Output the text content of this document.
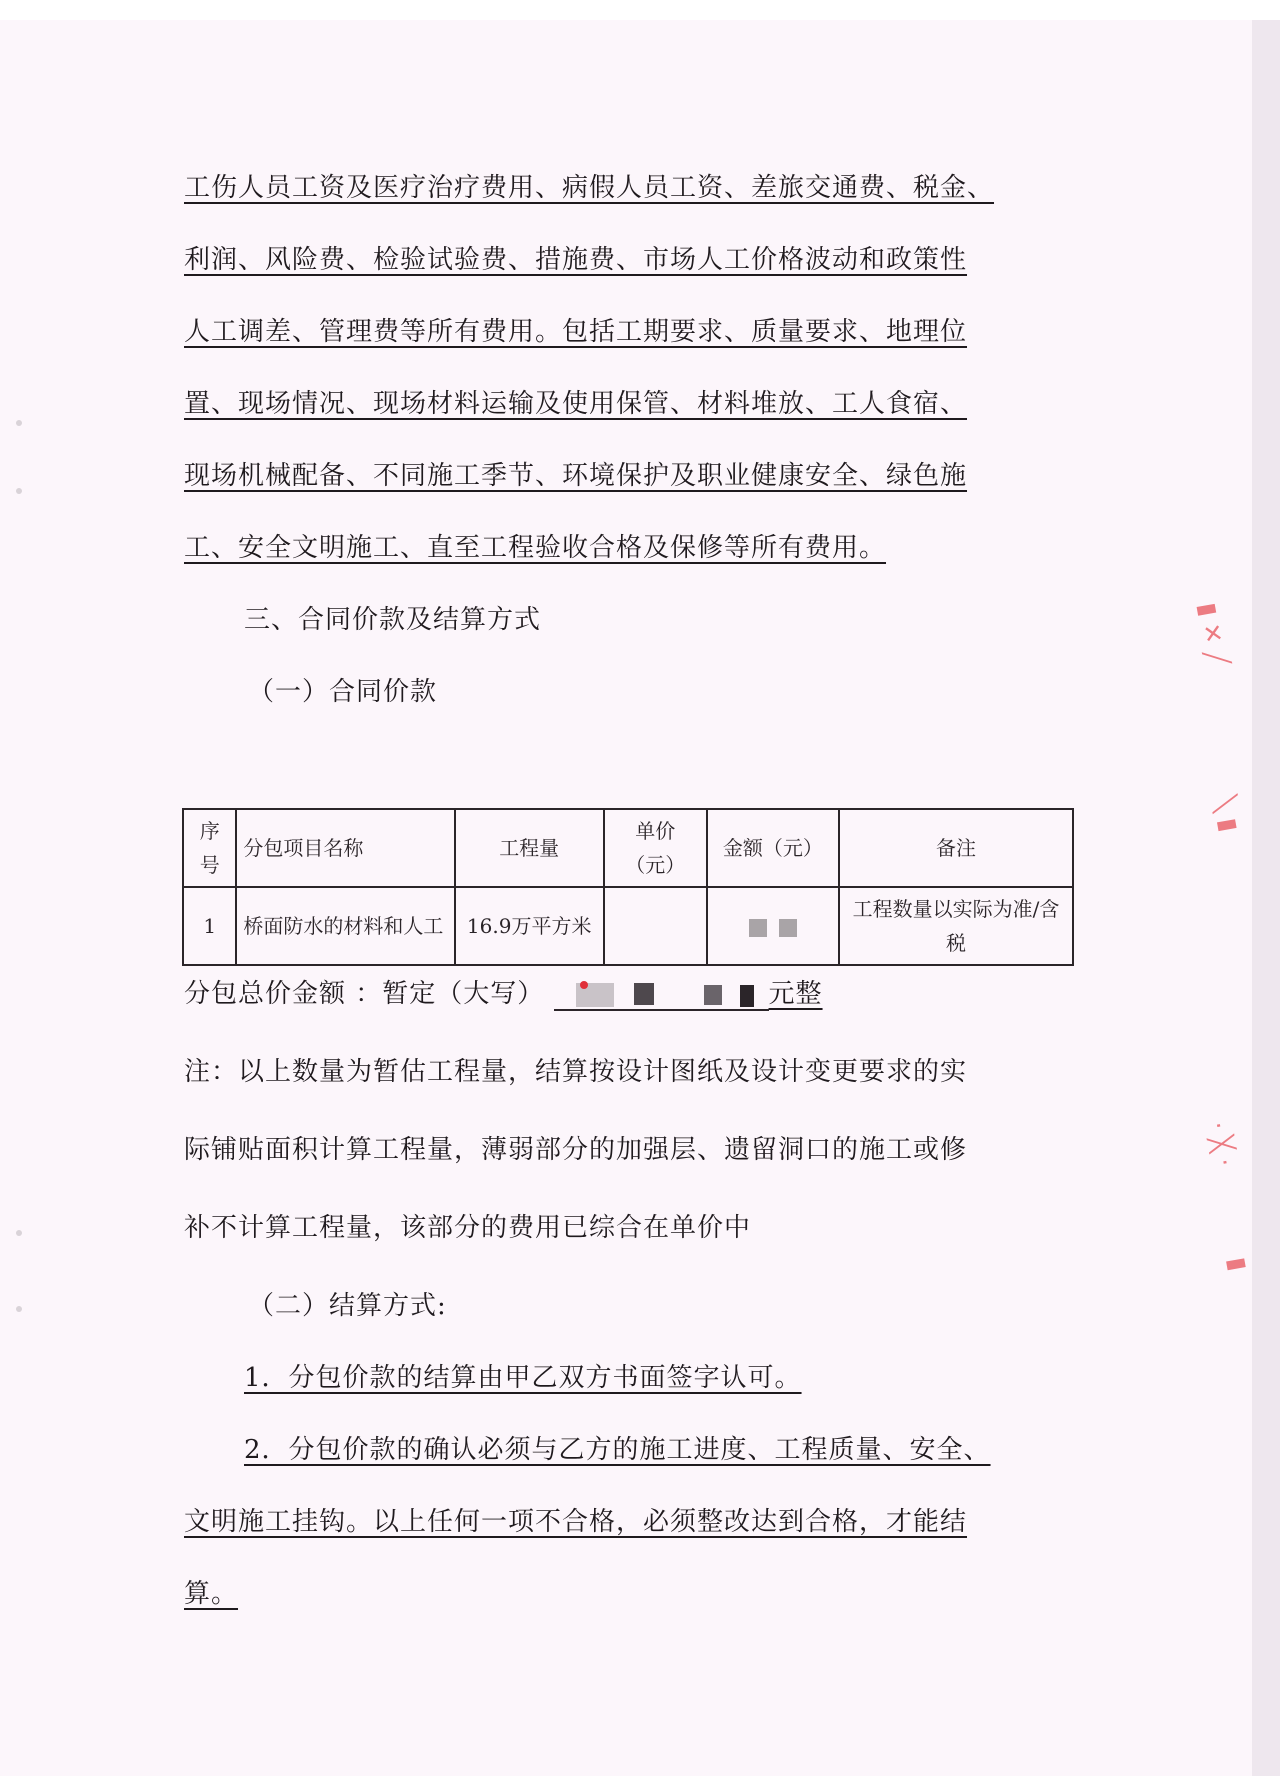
▮ ✕ ╱
╲ ▮
· ╳ ·
▮
工伤人员工资及医疗治疗费用、病假人员工资、差旅交通费、税金、
利润、风险费、检验试验费、措施费、市场人工价格波动和政策性
人工调差、管理费等所有费用。包括工期要求、质量要求、地理位
置、现场情况、现场材料运输及使用保管、材料堆放、工人食宿、
现场机械配备、不同施工季节、环境保护及职业健康安全、绿色施
工、安全文明施工、直至工程验收合格及保修等所有费用。
三、合同价款及结算方式
（一）合同价款
序号	分包项目名称	工程量	单价（元）	金额（元）	备注
1	桥面防水的材料和人工	16.9万平方米			工程数量以实际为准/含税
分包总价金额 ：暂定（大写）	元整
注：以上数量为暂估工程量，结算按设计图纸及设计变更要求的实
际铺贴面积计算工程量，薄弱部分的加强层、遗留洞口的施工或修
补不计算工程量，该部分的费用已综合在单价中
（二）结算方式:
1．分包价款的结算由甲乙双方书面签字认可。
2．分包价款的确认必须与乙方的施工进度、工程质量、安全、
文明施工挂钩。以上任何一项不合格，必须整改达到合格，才能结
算。
